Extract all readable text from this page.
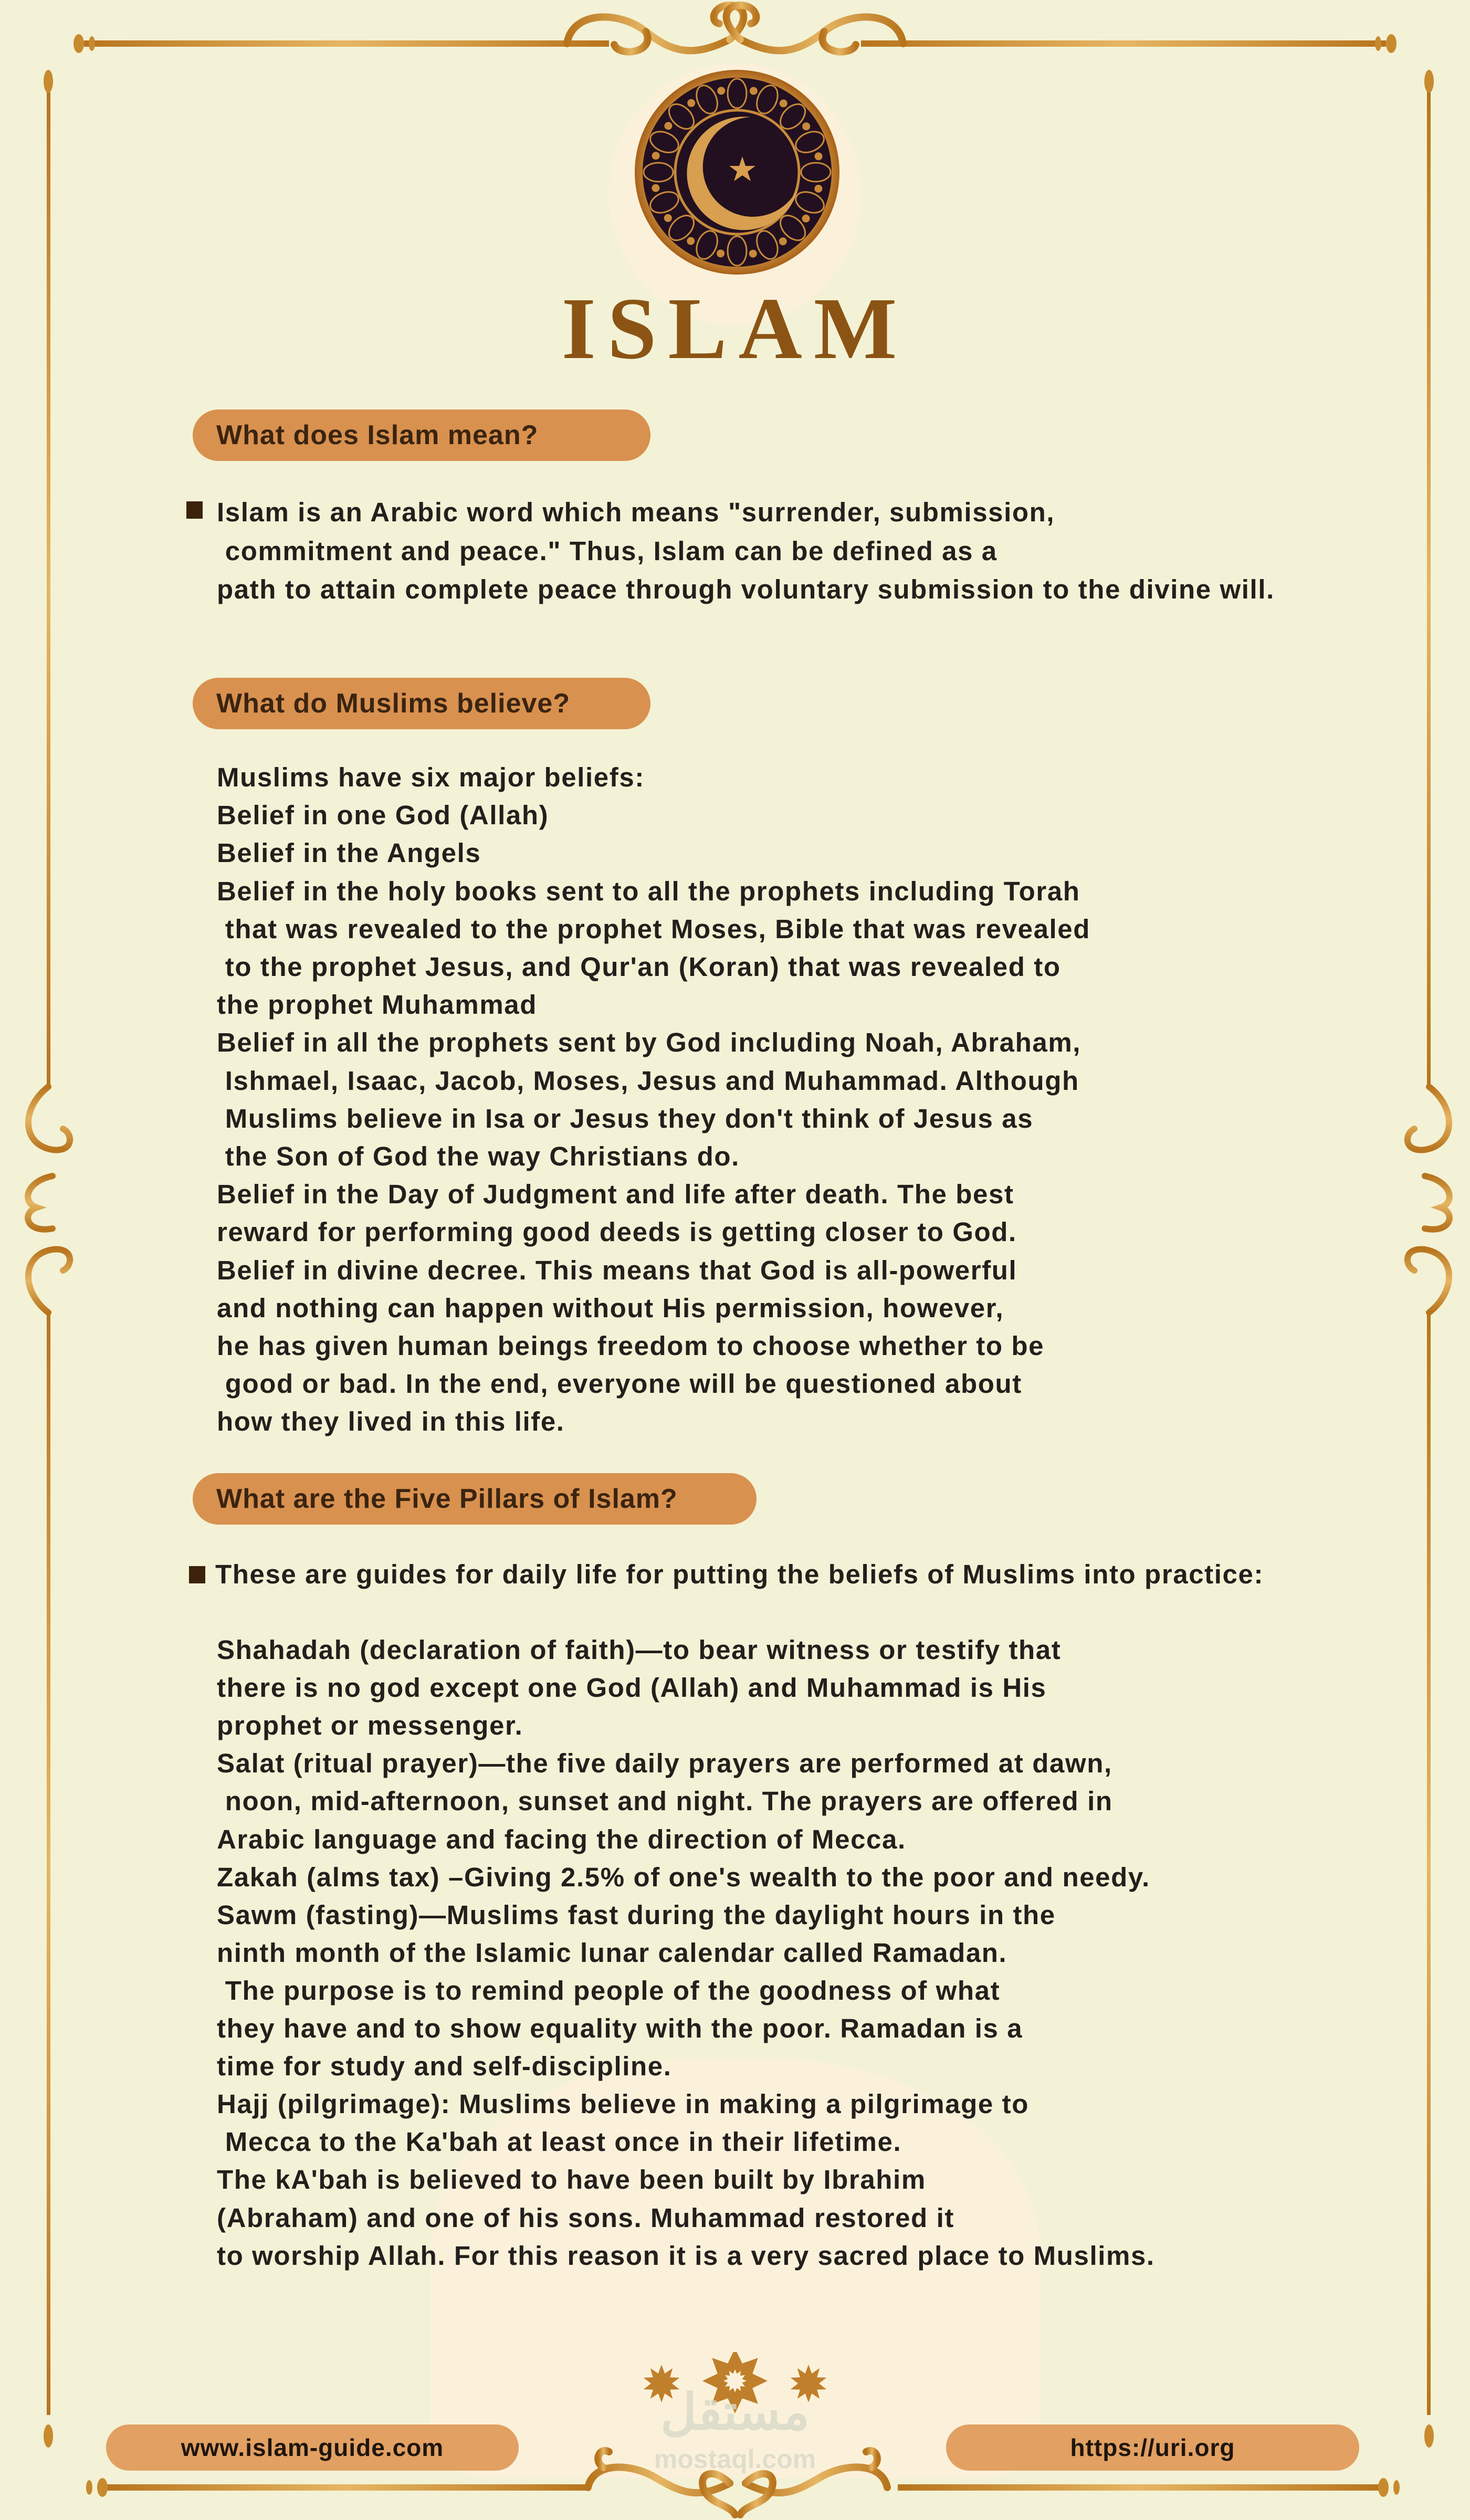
ISLAM
What does Islam mean?
Islam is an Arabic word which means "surrender, submission,
commitment and peace." Thus, Islam can be defined as a
path to attain complete peace through voluntary submission to the divine will.
What do Muslims believe?
Muslims have six major beliefs:
Belief in one God (Allah)
Belief in the Angels
Belief in the holy books sent to all the prophets including Torah
that was revealed to the prophet Moses, Bible that was revealed
to the prophet Jesus, and Qur'an (Koran) that was revealed to
the prophet Muhammad
Belief in all the prophets sent by God including Noah, Abraham,
Ishmael, Isaac, Jacob, Moses, Jesus and Muhammad. Although
Muslims believe in Isa or Jesus they don't think of Jesus as
the Son of God the way Christians do.
Belief in the Day of Judgment and life after death. The best
reward for performing good deeds is getting closer to God.
Belief in divine decree. This means that God is all-powerful
and nothing can happen without His permission, however,
he has given human beings freedom to choose whether to be
good or bad. In the end, everyone will be questioned about
how they lived in this life.
What are the Five Pillars of Islam?
These are guides for daily life for putting the beliefs of Muslims into practice:
Shahadah (declaration of faith)—to bear witness or testify that
there is no god except one God (Allah) and Muhammad is His
prophet or messenger.
Salat (ritual prayer)—the five daily prayers are performed at dawn,
noon, mid-afternoon, sunset and night. The prayers are offered in
Arabic language and facing the direction of Mecca.
Zakah (alms tax) –Giving 2.5% of one's wealth to the poor and needy.
Sawm (fasting)—Muslims fast during the daylight hours in the
ninth month of the Islamic lunar calendar called Ramadan.
The purpose is to remind people of the goodness of what
they have and to show equality with the poor. Ramadan is a
time for study and self-discipline.
Hajj (pilgrimage): Muslims believe in making a pilgrimage to
Mecca to the Ka'bah at least once in their lifetime.
The kA'bah is believed to have been built by Ibrahim
(Abraham) and one of his sons. Muhammad restored it
to worship Allah. For this reason it is a very sacred place to Muslims.
مستقل
mostaql.com
www.islam-guide.com	https://uri.org
